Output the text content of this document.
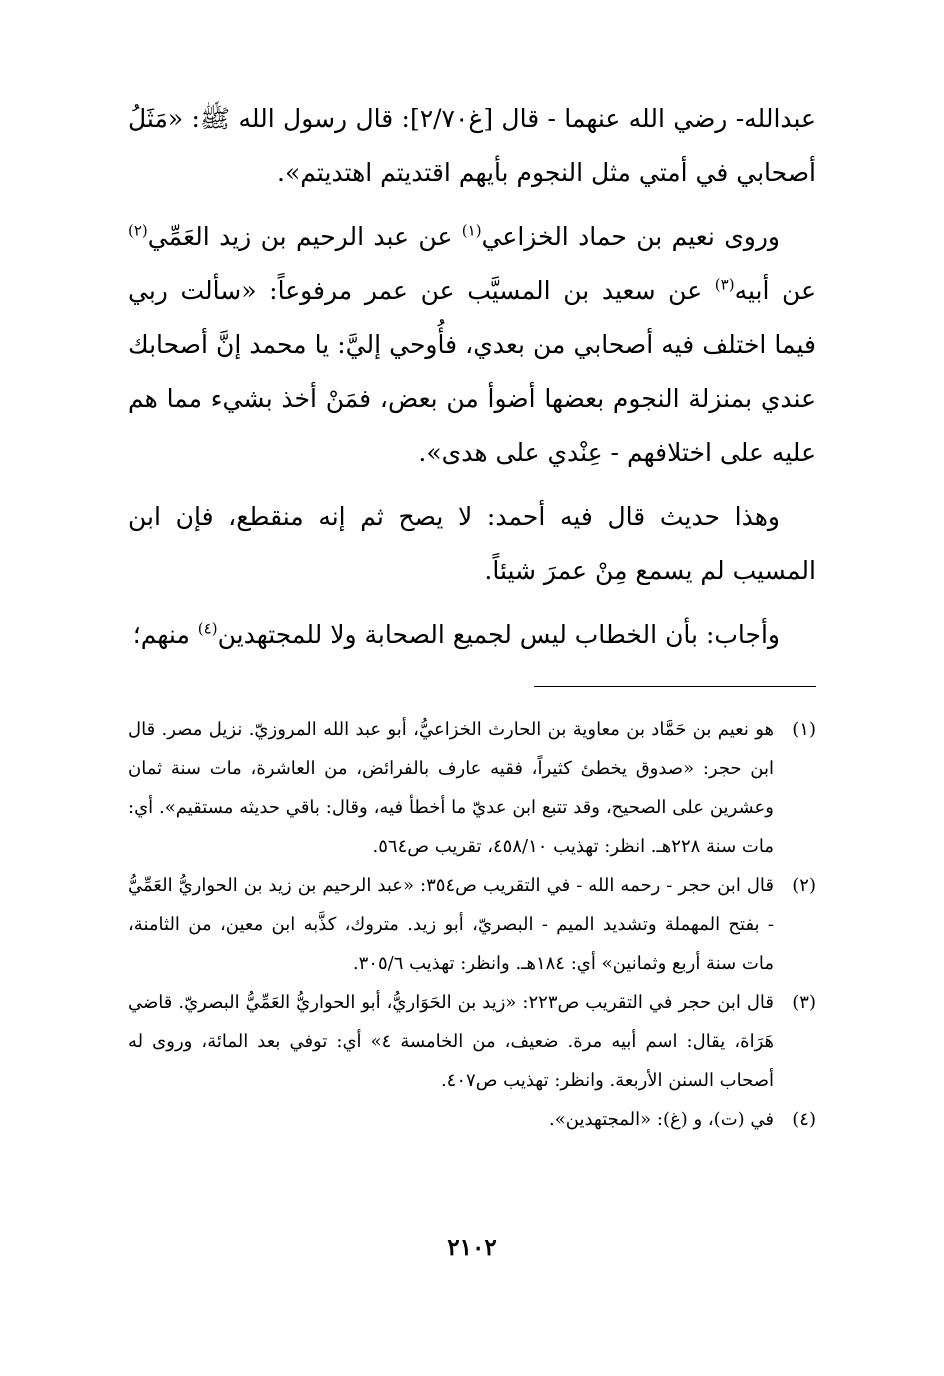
عبدالله- رضي الله عنهما - قال [غ٢/٧٠]: قال رسول الله ﷺ: «مَثَلُ أصحابي في أمتي مثل النجوم بأيهم اقتديتم اهتديتم».

وروى نعيم بن حماد الخزاعي$^{(١)}$ عن عبد الرحيم بن زيد العَمِّي$^{(٢)}$ عن أبيه$^{(٣)}$ عن سعيد بن المسيَّب عن عمر مرفوعاً: «سألت ربي فيما اختلف فيه أصحابي من بعدي، فأُوحي إليَّ: يا محمد إنَّ أصحابك عندي بمنزلة النجوم بعضها أضوأ من بعض، فمَنْ أخذ بشيء مما هم عليه على اختلافهم - عِنْدي على هدى».

وهذا حديث قال فيه أحمد: لا يصح ثم إنه منقطع، فإن ابن المسيب لم يسمع مِنْ عمرَ شيئاً.

وأجاب: بأن الخطاب ليس لجميع الصحابة ولا للمجتهدين$^{(٤)}$ منهم؛

(١)
هو نعيم بن حَمَّاد بن معاوية بن الحارث الخزاعيُّ، أبو عبد الله المروزيّ. نزيل مصر. قال ابن حجر: «صدوق يخطئ كثيراً، فقيه عارف بالفرائض، من العاشرة، مات سنة ثمان وعشرين على الصحيح، وقد تتبع ابن عديّ ما أخطأ فيه، وقال: باقي حديثه مستقيم». أي: مات سنة ٢٢٨هـ. انظر: تهذيب ٤٥٨/١٠، تقريب ص٥٦٤.
(٢)
قال ابن حجر - رحمه الله - في التقريب ص٣٥٤: «عبد الرحيم بن زيد بن الحواريُّ العَمِّيُّ - بفتح المهملة وتشديد الميم - البصريّ، أبو زيد. متروك، كذَّبه ابن معين، من الثامنة، مات سنة أربع وثمانين» أي: ١٨٤هـ. وانظر: تهذيب ٣٠٥/٦.
(٣)
قال ابن حجر في التقريب ص٢٢٣: «زيد بن الحَوَاريُّ، أبو الحواريُّ العَمِّيُّ البصريّ. قاضي هَرَاة، يقال: اسم أبيه مرة. ضعيف، من الخامسة ٤» أي: توفي بعد المائة، وروى له أصحاب السنن الأربعة. وانظر: تهذيب ص٤٠٧.
(٤)
في (ت)، و (غ): «المجتهدين».
٢١٠٢
